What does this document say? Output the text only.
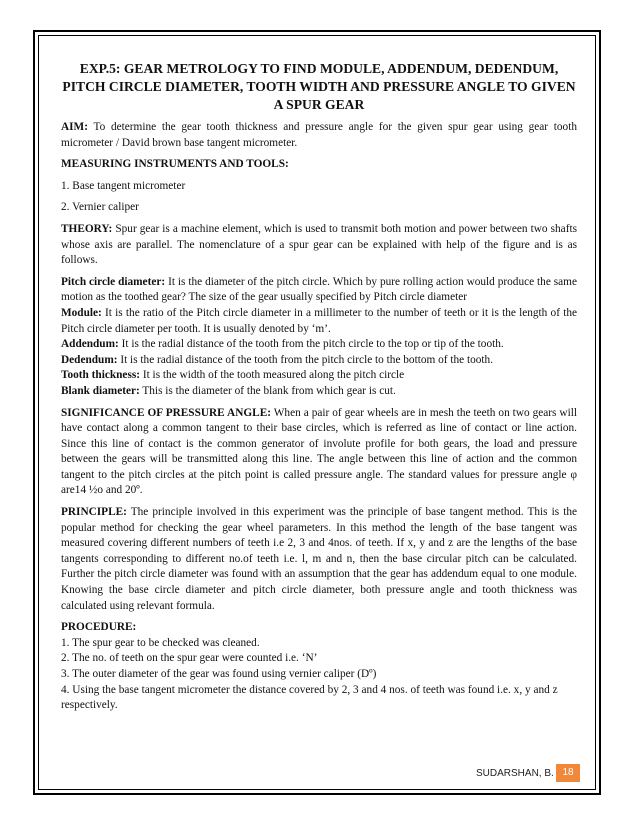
EXP.5: GEAR METROLOGY TO FIND MODULE, ADDENDUM, DEDENDUM, PITCH CIRCLE DIAMETER, TOOTH WIDTH AND PRESSURE ANGLE TO GIVEN A SPUR GEAR

AIM: To determine the gear tooth thickness and pressure angle for the given spur gear using gear tooth micrometer / David brown base tangent micrometer.

MEASURING INSTRUMENTS AND TOOLS:

1. Base tangent micrometer

2. Vernier caliper

THEORY: Spur gear is a machine element, which is used to transmit both motion and power between two shafts whose axis are parallel. The nomenclature of a spur gear can be explained with help of the figure and is as follows.

Pitch circle diameter: It is the diameter of the pitch circle. Which by pure rolling action would produce the same motion as the toothed gear? The size of the gear usually specified by Pitch circle diameter

Module: It is the ratio of the Pitch circle diameter in a millimeter to the number of teeth or it is the length of the Pitch circle diameter per tooth. It is usually denoted by ‘m’.

Addendum: It is the radial distance of the tooth from the pitch circle to the top or tip of the tooth.

Dedendum: It is the radial distance of the tooth from the pitch circle to the bottom of the tooth.

Tooth thickness: It is the width of the tooth measured along the pitch circle

Blank diameter: This is the diameter of the blank from which gear is cut.

SIGNIFICANCE OF PRESSURE ANGLE: When a pair of gear wheels are in mesh the teeth on two gears will have contact along a common tangent to their base circles, which is referred as line of contact or line action. Since this line of contact is the common generator of involute profile for both gears, the load and pressure between the gears will be transmitted along this line. The angle between this line of action and the common tangent to the pitch circles at the pitch point is called pressure angle. The standard values for pressure angle φ are14 ½o and 20º.

PRINCIPLE: The principle involved in this experiment was the principle of base tangent method. This is the popular method for checking the gear wheel parameters. In this method the length of the base tangent was measured covering different numbers of teeth i.e 2, 3 and 4nos. of teeth. If x, y and z are the lengths of the base tangents corresponding to different no.of teeth i.e. l, m and n, then the base circular pitch can be calculated. Further the pitch circle diameter was found with an assumption that the gear has addendum equal to one module. Knowing the base circle diameter and pitch circle diameter, both pressure angle and tooth thickness was calculated using relevant formula.

PROCEDURE:

1. The spur gear to be checked was cleaned.

2. The no. of teeth on the spur gear were counted i.e. ‘N’

3. The outer diameter of the gear was found using vernier caliper (Dº)

4. Using the base tangent micrometer the distance covered by 2, 3 and 4 nos. of teeth was found i.e. x, y and z respectively.

SUDARSHAN, B. 18
